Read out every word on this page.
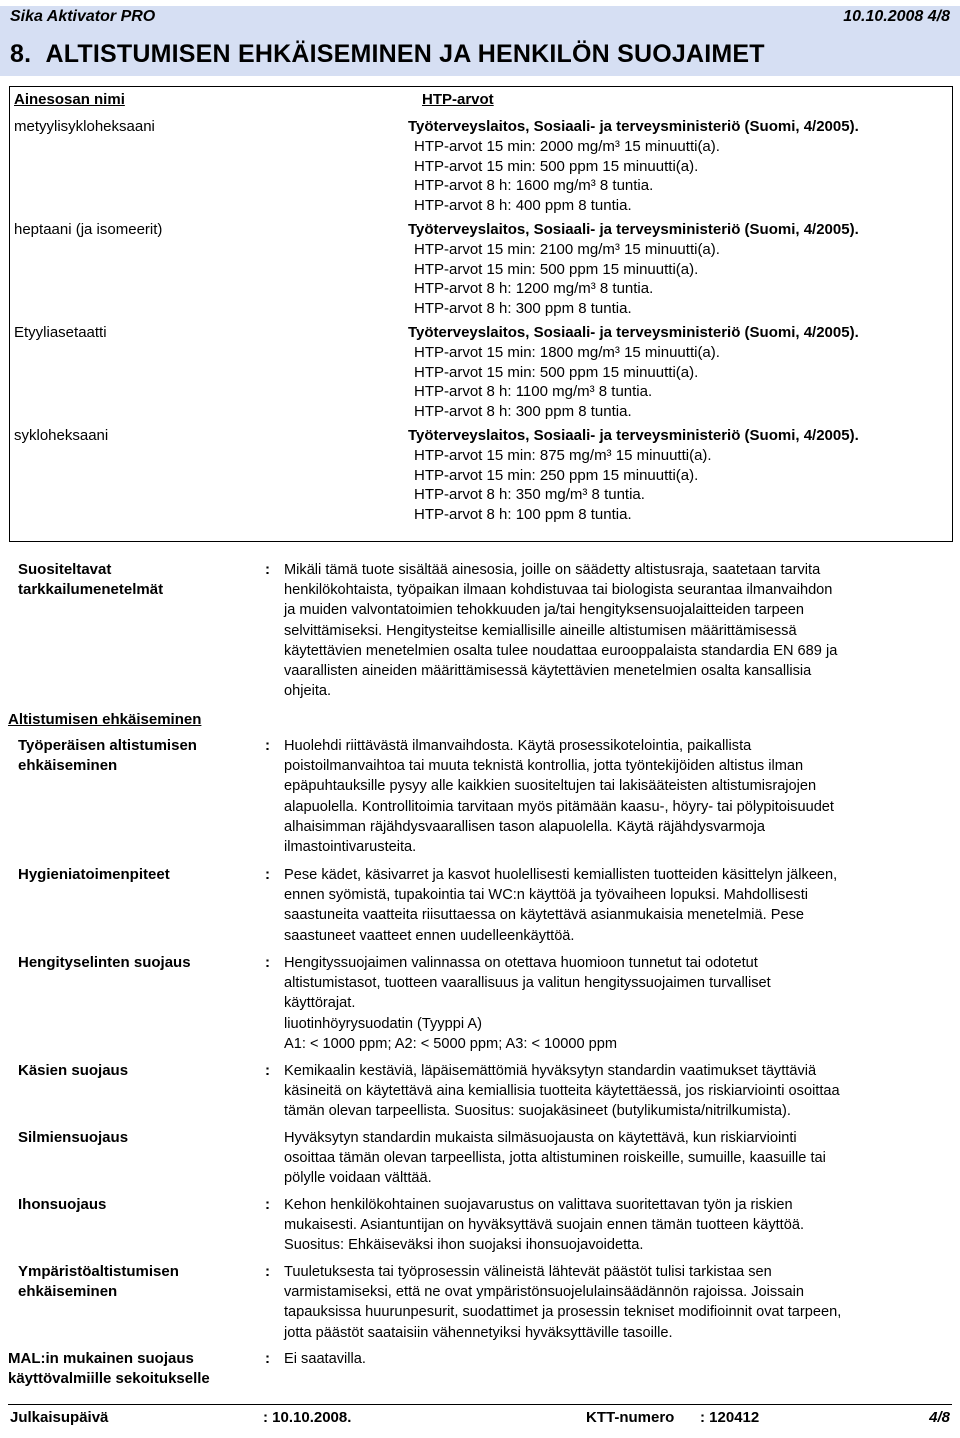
Sika Aktivator PRO	10.10.2008 4/8
8. ALTISTUMISEN EHKÄISEMINEN JA HENKILÖN SUOJAIMET
Ainesosan nimi	HTP-arvot
metyylisykloheksaani	Työterveyslaitos, Sosiaali- ja terveysministeriö (Suomi, 4/2005).
HTP-arvot 15 min: 2000 mg/m³ 15 minuutti(a).
HTP-arvot 15 min: 500 ppm 15 minuutti(a).
HTP-arvot 8 h: 1600 mg/m³ 8 tuntia.
HTP-arvot 8 h: 400 ppm 8 tuntia.
heptaani (ja isomeerit)	Työterveyslaitos, Sosiaali- ja terveysministeriö (Suomi, 4/2005).
HTP-arvot 15 min: 2100 mg/m³ 15 minuutti(a).
HTP-arvot 15 min: 500 ppm 15 minuutti(a).
HTP-arvot 8 h: 1200 mg/m³ 8 tuntia.
HTP-arvot 8 h: 300 ppm 8 tuntia.
Etyyliasetaatti	Työterveyslaitos, Sosiaali- ja terveysministeriö (Suomi, 4/2005).
HTP-arvot 15 min: 1800 mg/m³ 15 minuutti(a).
HTP-arvot 15 min: 500 ppm 15 minuutti(a).
HTP-arvot 8 h: 1100 mg/m³ 8 tuntia.
HTP-arvot 8 h: 300 ppm 8 tuntia.
sykloheksaani	Työterveyslaitos, Sosiaali- ja terveysministeriö (Suomi, 4/2005).
HTP-arvot 15 min: 875 mg/m³ 15 minuutti(a).
HTP-arvot 15 min: 250 ppm 15 minuutti(a).
HTP-arvot 8 h: 350 mg/m³ 8 tuntia.
HTP-arvot 8 h: 100 ppm 8 tuntia.
Suositeltavat
tarkkailumenetelmät
: Mikäli tämä tuote sisältää ainesosia, joille on säädetty altistusraja, saatetaan tarvita
henkilökohtaista, työpaikan ilmaan kohdistuvaa tai biologista seurantaa ilmanvaihdon
ja muiden valvontatoimien tehokkuuden ja/tai hengityksensuojalaitteiden tarpeen
selvittämiseksi. Hengitysteitse kemiallisille aineille altistumisen määrittämisessä
käytettävien menetelmien osalta tulee noudattaa eurooppalaista standardia EN 689 ja
vaarallisten aineiden määrittämisessä käytettävien menetelmien osalta kansallisia
ohjeita.
Altistumisen ehkäiseminen
Työperäisen altistumisen
ehkäiseminen
: Huolehdi riittävästä ilmanvaihdosta. Käytä prosessikotelointia, paikallista
poistoilmanvaihtoa tai muuta teknistä kontrollia, jotta työntekijöiden altistus ilman
epäpuhtauksille pysyy alle kaikkien suositeltujen tai lakisääteisten altistumisrajojen
alapuolella. Kontrollitoimia tarvitaan myös pitämään kaasu-, höyry- tai pölypitoisuudet
alhaisimman räjähdysvaarallisen tason alapuolella. Käytä räjähdysvarmoja
ilmastointivarusteita.
Hygieniatoimenpiteet	: Pese kädet, käsivarret ja kasvot huolellisesti kemiallisten tuotteiden käsittelyn jälkeen,
ennen syömistä, tupakointia tai WC:n käyttöä ja työvaiheen lopuksi. Mahdollisesti
saastuneita vaatteita riisuttaessa on käytettävä asianmukaisia menetelmiä. Pese
saastuneet vaatteet ennen uudelleenkäyttöä.
Hengityselinten suojaus	: Hengityssuojaimen valinnassa on otettava huomioon tunnetut tai odotetut
altistumistasot, tuotteen vaarallisuus ja valitun hengityssuojaimen turvalliset
käyttörajat.
liuotinhöyrysuodatin (Tyyppi A)
A1: < 1000 ppm; A2: < 5000 ppm; A3: < 10000 ppm
Käsien suojaus	: Kemikaalin kestäviä, läpäisemättömiä hyväksytyn standardin vaatimukset täyttäviä
käsineitä on käytettävä aina kemiallisia tuotteita käytettäessä, jos riskiarviointi osoittaa
tämän olevan tarpeellista. Suositus: suojakäsineet (butylikumista/nitrilkumista).
Silmiensuojaus	Hyväksytyn standardin mukaista silmäsuojausta on käytettävä, kun riskiarviointi
osoittaa tämän olevan tarpeellista, jotta altistuminen roiskeille, sumuille, kaasuille tai
pölylle voidaan välttää.
Ihonsuojaus	: Kehon henkilökohtainen suojavarustus on valittava suoritettavan työn ja riskien
mukaisesti. Asiantuntijan on hyväksyttävä suojain ennen tämän tuotteen käyttöä.
Suositus: Ehkäiseväksi ihon suojaksi ihonsuojavoidetta.
Ympäristöaltistumisen
ehkäiseminen
: Tuuletuksesta tai työprosessin välineistä lähtevät päästöt tulisi tarkistaa sen
varmistamiseksi, että ne ovat ympäristönsuojelulainsäädännön rajoissa. Joissain
tapauksissa huurunpesurit, suodattimet ja prosessin tekniset modifioinnit ovat tarpeen,
jotta päästöt saataisiin vähennetyiksi hyväksyttäville tasoille.
MAL:in mukainen suojaus
käyttövalmiille sekoitukselle
: Ei saatavilla.
Julkaisupäivä	: 10.10.2008.	KTT-numero : 120412	4/8
